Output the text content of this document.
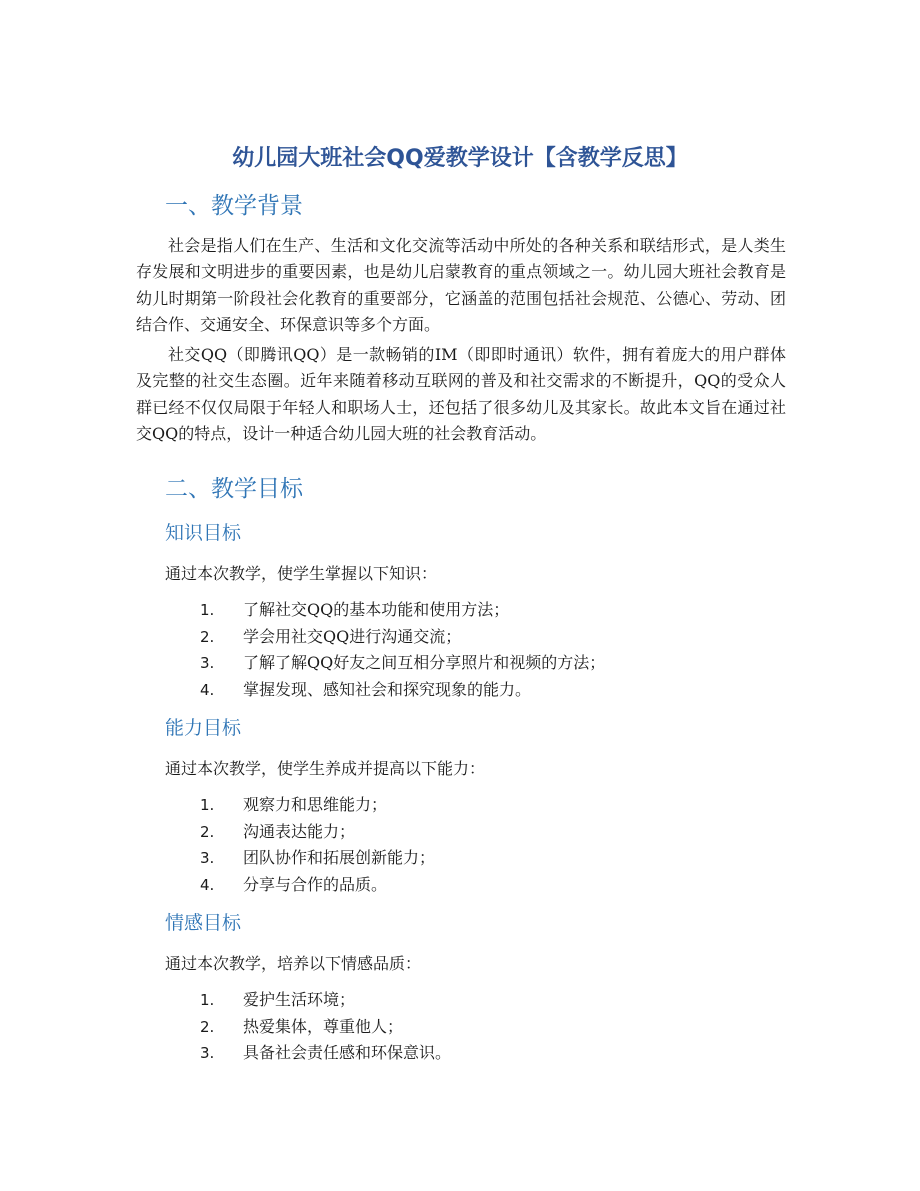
幼儿园大班社会QQ爱教学设计【含教学反思】
一、教学背景

社会是指人们在生产、生活和文化交流等活动中所处的各种关系和联结形式，是人类生存发展和文明进步的重要因素，也是幼儿启蒙教育的重点领域之一。幼儿园大班社会教育是幼儿时期第一阶段社会化教育的重要部分，它涵盖的范围包括社会规范、公德心、劳动、团结合作、交通安全、环保意识等多个方面。

社交QQ（即腾讯QQ）是一款畅销的IM（即即时通讯）软件，拥有着庞大的用户群体及完整的社交生态圈。近年来随着移动互联网的普及和社交需求的不断提升，QQ的受众人群已经不仅仅局限于年轻人和职场人士，还包括了很多幼儿及其家长。故此本文旨在通过社交QQ的特点，设计一种适合幼儿园大班的社会教育活动。

二、教学目标
知识目标

通过本次教学，使学生掌握以下知识：

1. 了解社交QQ的基本功能和使用方法；
2. 学会用社交QQ进行沟通交流；
3. 了解了解QQ好友之间互相分享照片和视频的方法；
4. 掌握发现、感知社会和探究现象的能力。
能力目标

通过本次教学，使学生养成并提高以下能力：

1. 观察力和思维能力；
2. 沟通表达能力；
3. 团队协作和拓展创新能力；
4. 分享与合作的品质。
情感目标

通过本次教学，培养以下情感品质：

1. 爱护生活环境；
2. 热爱集体，尊重他人；
3. 具备社会责任感和环保意识。
